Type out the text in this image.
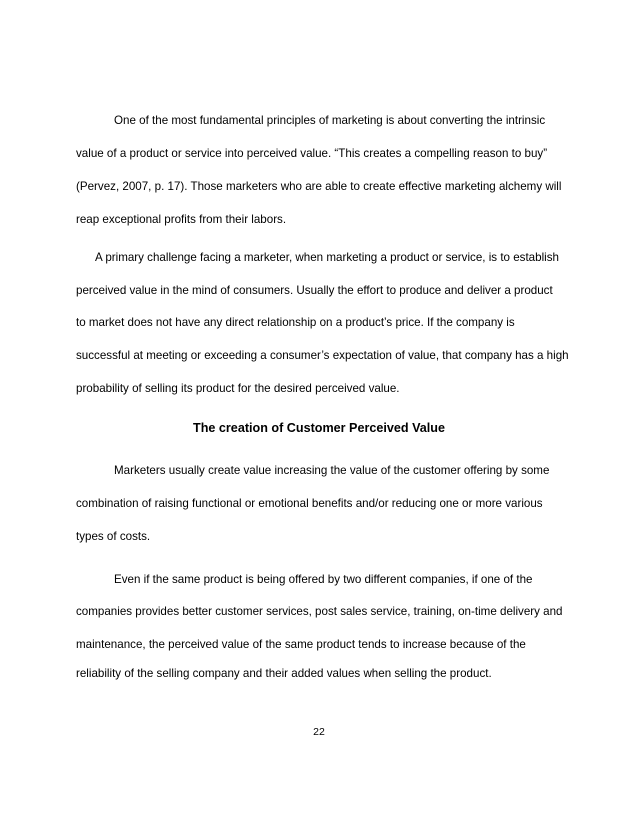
One of the most fundamental principles of marketing is about converting the intrinsic
value of a product or service into perceived value. “This creates a compelling reason to buy”
(Pervez, 2007, p. 17). Those marketers who are able to create effective marketing alchemy will
reap exceptional profits from their labors.
A primary challenge facing a marketer, when marketing a product or service, is to establish
perceived value in the mind of consumers. Usually the effort to produce and deliver a product
to market does not have any direct relationship on a product’s price. If the company is
successful at meeting or exceeding a consumer’s expectation of value, that company has a high
probability of selling its product for the desired perceived value.
The creation of Customer Perceived Value
Marketers usually create value increasing the value of the customer offering by some
combination of raising functional or emotional benefits and/or reducing one or more various
types of costs.
Even if the same product is being offered by two different companies, if one of the
companies provides better customer services, post sales service, training, on-time delivery and
maintenance, the perceived value of the same product tends to increase because of the
reliability of the selling company and their added values when selling the product.
22
